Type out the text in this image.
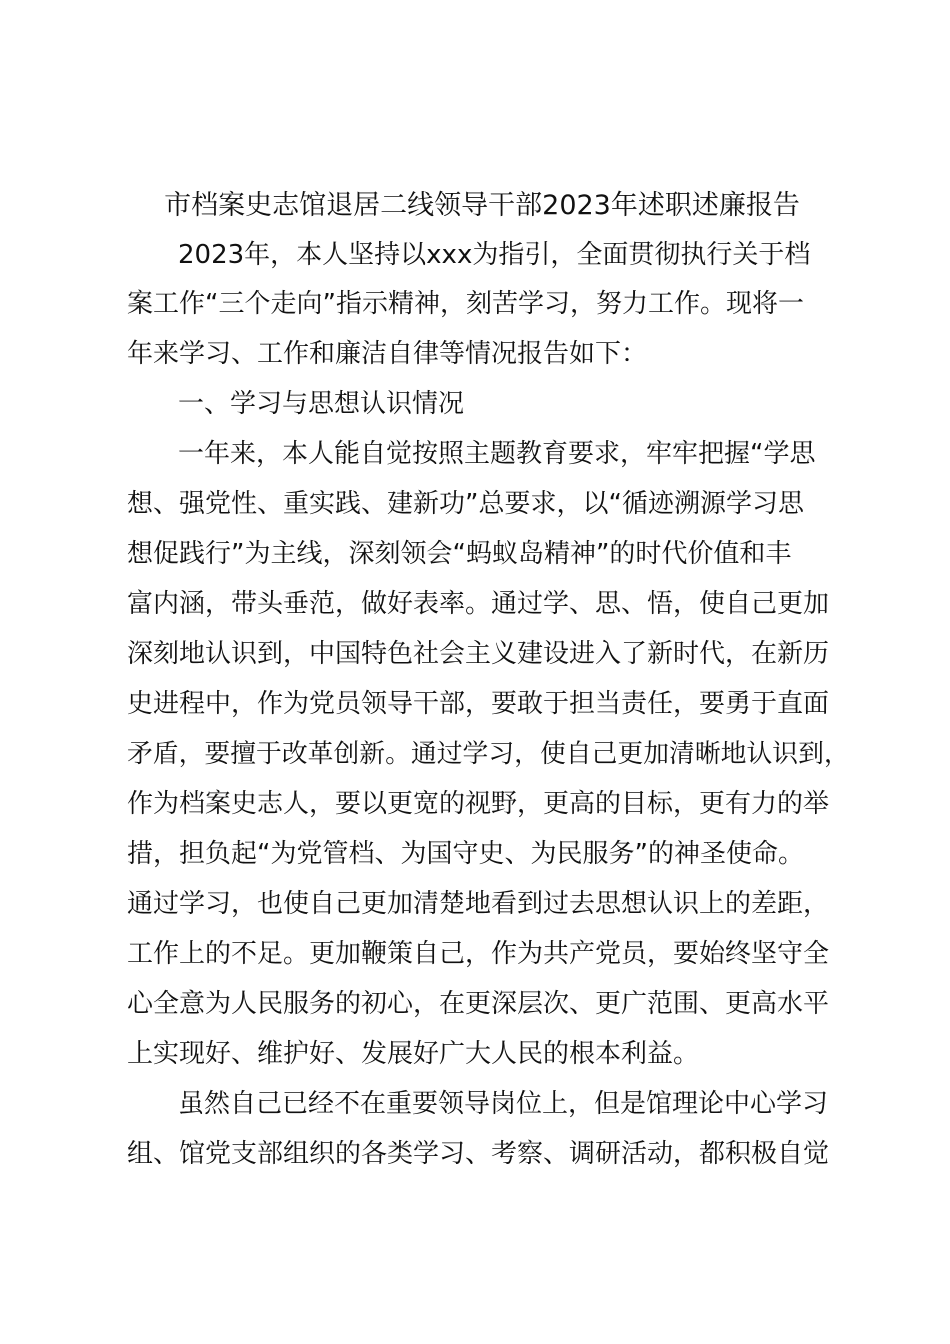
市档案史志馆退居二线领导干部2023年述职述廉报告

2023年，本人坚持以xxx为指引，全面贯彻执行关于档

案工作“三个走向”指示精神，刻苦学习，努力工作。现将一

年来学习、工作和廉洁自律等情况报告如下：

一、学习与思想认识情况

一年来，本人能自觉按照主题教育要求，牢牢把握“学思

想、强党性、重实践、建新功”总要求，以“循迹溯源学习思

想促践行”为主线，深刻领会“蚂蚁岛精神”的时代价值和丰

富内涵，带头垂范，做好表率。通过学、思、悟，使自己更加

深刻地认识到，中国特色社会主义建设进入了新时代，在新历

史进程中，作为党员领导干部，要敢于担当责任，要勇于直面

矛盾，要擅于改革创新。通过学习，使自己更加清晰地认识到，

作为档案史志人，要以更宽的视野，更高的目标，更有力的举

措，担负起“为党管档、为国守史、为民服务”的神圣使命。

通过学习，也使自己更加清楚地看到过去思想认识上的差距，

工作上的不足。更加鞭策自己，作为共产党员，要始终坚守全

心全意为人民服务的初心，在更深层次、更广范围、更高水平

上实现好、维护好、发展好广大人民的根本利益。

虽然自己已经不在重要领导岗位上，但是馆理论中心学习

组、馆党支部组织的各类学习、考察、调研活动，都积极自觉
